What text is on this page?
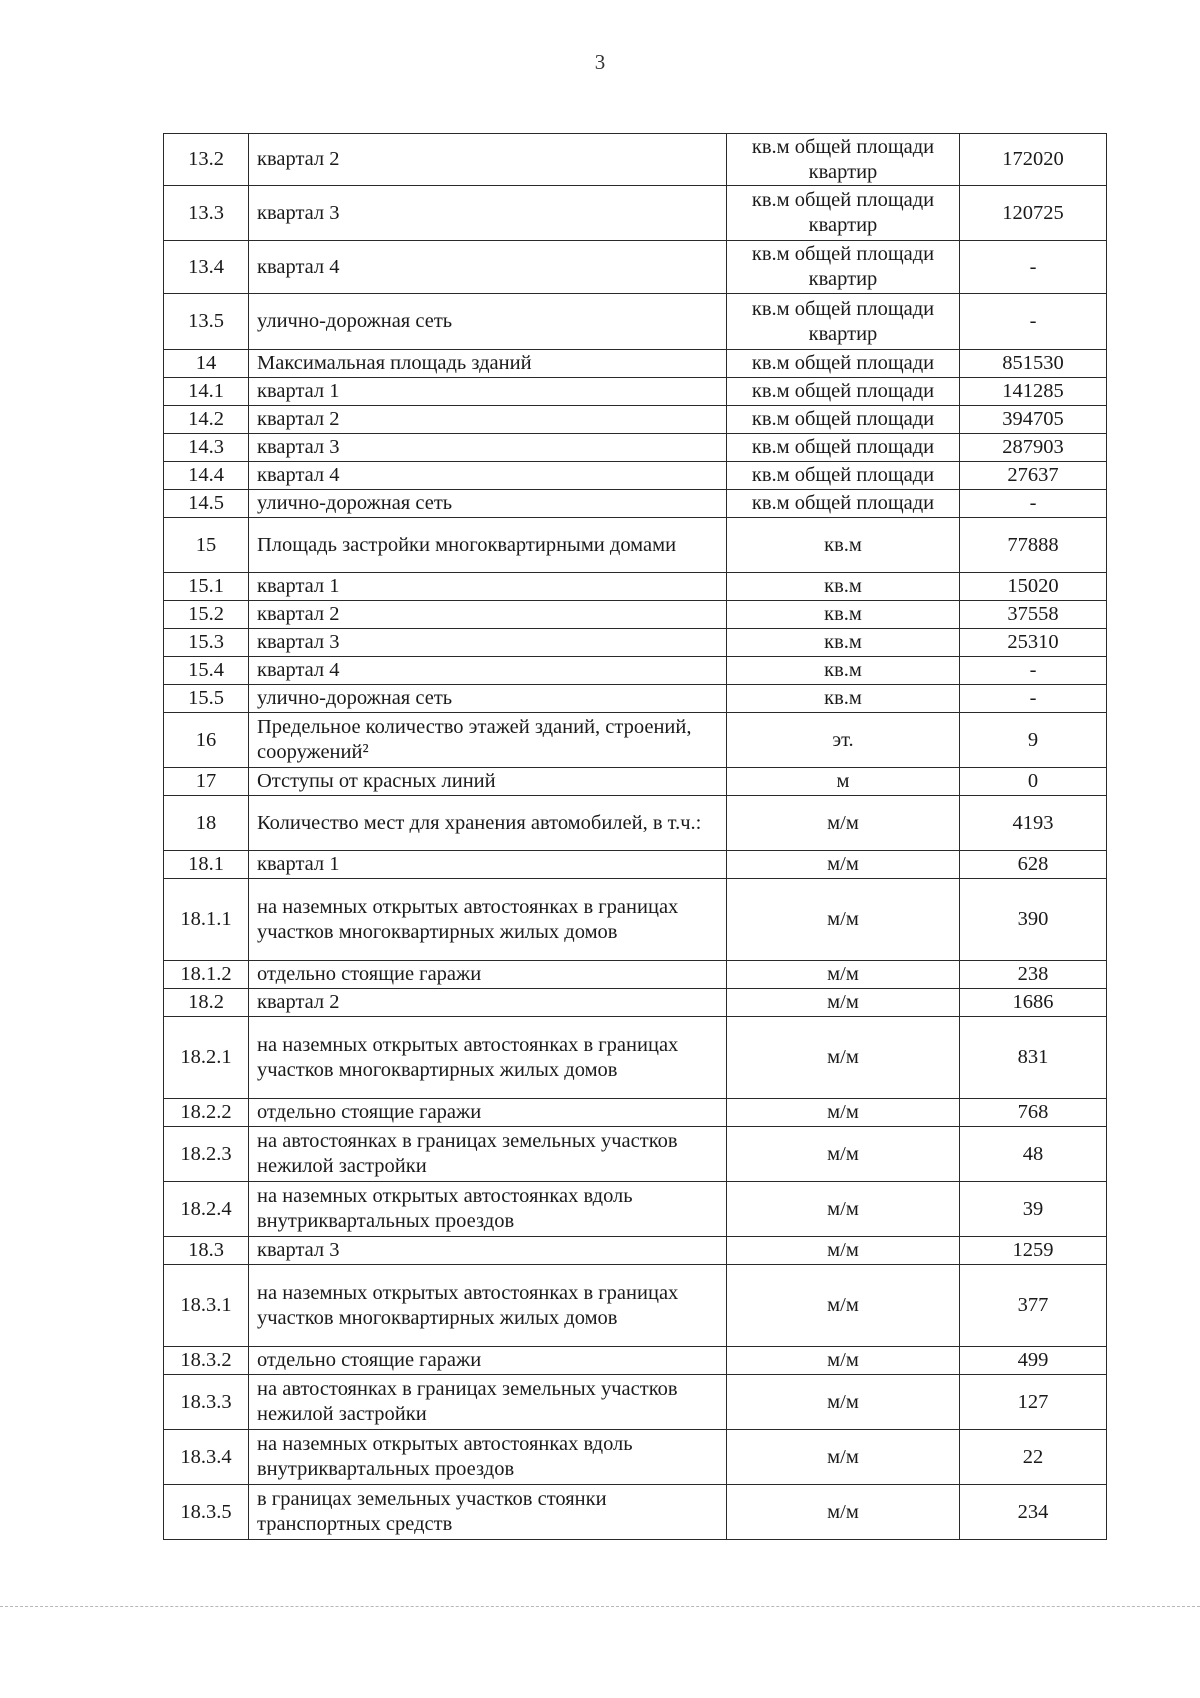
3
13.2	квартал 2	кв.м общей площади квартир	172020
13.3	квартал 3	кв.м общей площади квартир	120725
13.4	квартал 4	кв.м общей площади квартир	-
13.5	улично-дорожная сеть	кв.м общей площади квартир	-
14	Максимальная площадь зданий	кв.м общей площади	851530
14.1	квартал 1	кв.м общей площади	141285
14.2	квартал 2	кв.м общей площади	394705
14.3	квартал 3	кв.м общей площади	287903
14.4	квартал 4	кв.м общей площади	27637
14.5	улично-дорожная сеть	кв.м общей площади	-
15	Площадь застройки многоквартирными домами	кв.м	77888
15.1	квартал 1	кв.м	15020
15.2	квартал 2	кв.м	37558
15.3	квартал 3	кв.м	25310
15.4	квартал 4	кв.м	-
15.5	улично-дорожная сеть	кв.м	-
16	Предельное количество этажей зданий, строений, сооружений²	эт.	9
17	Отступы от красных линий	м	0
18	Количество мест для хранения автомобилей, в т.ч.:	м/м	4193
18.1	квартал 1	м/м	628
18.1.1	на наземных открытых автостоянках в границах участков многоквартирных жилых домов	м/м	390
18.1.2	отдельно стоящие гаражи	м/м	238
18.2	квартал 2	м/м	1686
18.2.1	на наземных открытых автостоянках в границах участков многоквартирных жилых домов	м/м	831
18.2.2	отдельно стоящие гаражи	м/м	768
18.2.3	на автостоянках в границах земельных участков нежилой застройки	м/м	48
18.2.4	на наземных открытых автостоянках вдоль внутриквартальных проездов	м/м	39
18.3	квартал 3	м/м	1259
18.3.1	на наземных открытых автостоянках в границах участков многоквартирных жилых домов	м/м	377
18.3.2	отдельно стоящие гаражи	м/м	499
18.3.3	на автостоянках в границах земельных участков нежилой застройки	м/м	127
18.3.4	на наземных открытых автостоянках вдоль внутриквартальных проездов	м/м	22
18.3.5	в границах земельных участков стоянки транспортных средств	м/м	234
